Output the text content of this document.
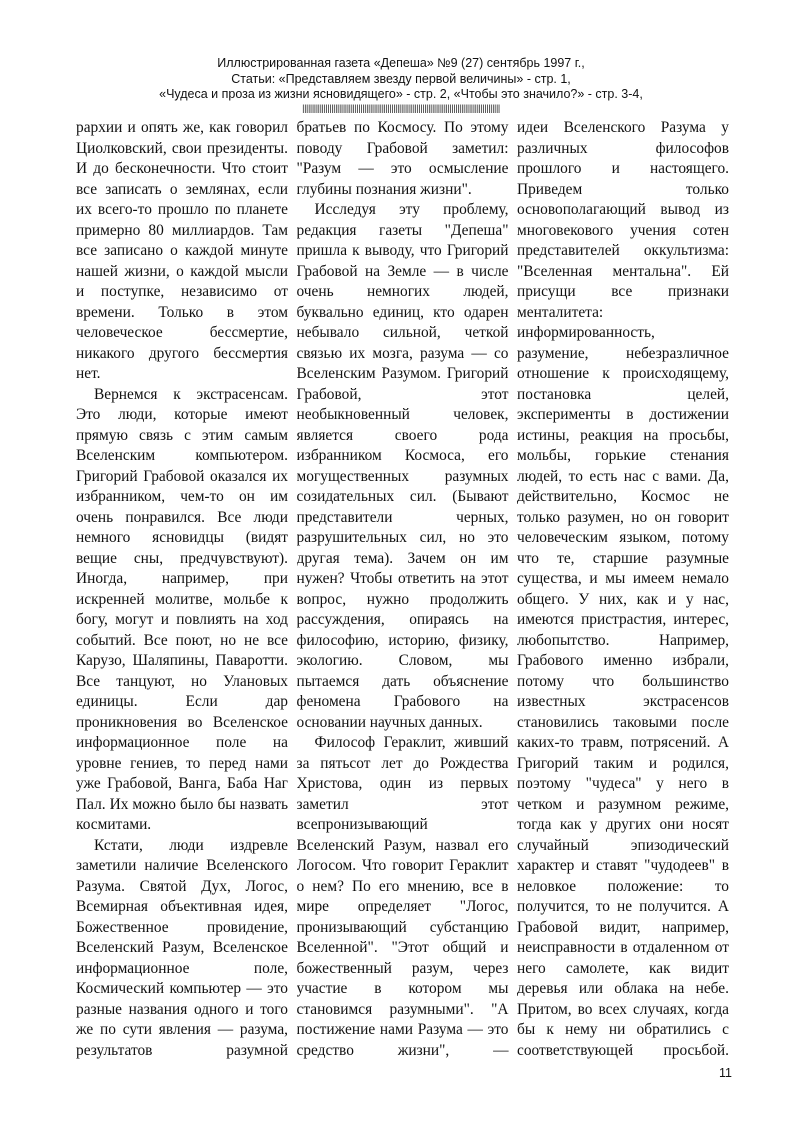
Иллюстрированная газета «Депеша» №9 (27) сентябрь 1997 г.,
Статьи: «Представляем звезду первой величины» - стр. 1,
«Чудеса и проза из жизни ясновидящего» - стр. 2, «Чтобы это значило?» - стр. 3-4,
||||||||||||||||||||||||||||||||||||||||||||||||||||||||||||||||||||||||||||||||||||||||||||||||||||||

рархии и опять же, как говорил Циолковский, свои президенты. И до бесконечности. Что стоит все записать о землянах, если их всего-то прошло по планете примерно 80 миллиардов. Там все записано о каждой минуте нашей жизни, о каждой мысли и поступке, независимо от времени. Только в этом человеческое бессмертие, никакого другого бессмертия нет.

Вернемся к экстрасенсам. Это люди, которые имеют прямую связь с этим самым Вселенским компьютером. Григорий Грабовой оказался их избранником, чем-то он им очень понравился. Все люди немного ясновидцы (видят вещие сны, предчувствуют). Иногда, например, при искренней молитве, мольбе к богу, могут и повлиять на ход событий. Все поют, но не все Карузо, Шаляпины, Паваротти. Все танцуют, но Улановых единицы. Если дар проникновения во Вселенское информационное поле на уровне гениев, то перед нами уже Грабовой, Ванга, Баба Наг Пал. Их можно было бы назвать космитами.

Кстати, люди издревле заметили наличие Вселенского Разума. Святой Дух, Логос, Всемирная объективная идея, Божественное провидение, Вселенский Разум, Вселенское информационное поле, Космический компьютер — это разные названия одного и того же по сути явления — разума, результатов разумной

братьев по Космосу. По этому поводу Грабовой заметил: "Разум — это осмысление глубины познания жизни".

Исследуя эту проблему, редакция газеты "Депеша" пришла к выводу, что Григорий Грабовой на Земле — в числе очень немногих людей, буквально единиц, кто одарен небывало сильной, четкой связью их мозга, разума — со Вселенским Разумом. Григорий Грабовой, этот необыкновенный человек, является своего рода избранником Космоса, его могущественных разумных созидательных сил. (Бывают представители черных, разрушительных сил, но это другая тема). Зачем он им нужен? Чтобы ответить на этот вопрос, нужно продолжить рассуждения, опираясь на философию, историю, физику, экологию. Словом, мы пытаемся дать объяснение феномена Грабового на основании научных данных.

Философ Гераклит, живший за пятьсот лет до Рождества Христова, один из первых заметил этот всепронизывающий Вселенский Разум, назвал его Логосом. Что говорит Гераклит о нем? По его мнению, все в мире определяет "Логос, пронизывающий субстанцию Вселенной". "Этот общий и божественный разум, через участие в котором мы становимся разумными". "А постижение нами Разума — это средство жизни", —

идеи Вселенского Разума у различных философов прошлого и настоящего. Приведем только основополагающий вывод из многовекового учения сотен представителей оккультизма: "Вселенная ментальна". Ей присущи все признаки менталитета: информированность, разумение, небезразличное отношение к происходящему, постановка целей, эксперименты в достижении истины, реакция на просьбы, мольбы, горькие стенания людей, то есть нас с вами. Да, действительно, Космос не только разумен, но он говорит человеческим языком, потому что те, старшие разумные существа, и мы имеем немало общего. У них, как и у нас, имеются пристрастия, интерес, любопытство. Например, Грабового именно избрали, потому что большинство известных экстрасенсов становились таковыми после каких-то травм, потрясений. А Григорий таким и родился, поэтому "чудеса" у него в четком и разумном режиме, тогда как у других они носят случайный эпизодический характер и ставят "чудодеев" в неловкое положение: то получится, то не получится. А Грабовой видит, например, неисправности в отдаленном от него самолете, как видит деревья или облака на небе. Притом, во всех случаях, когда бы к нему ни обратились с соответствующей просьбой.

11
